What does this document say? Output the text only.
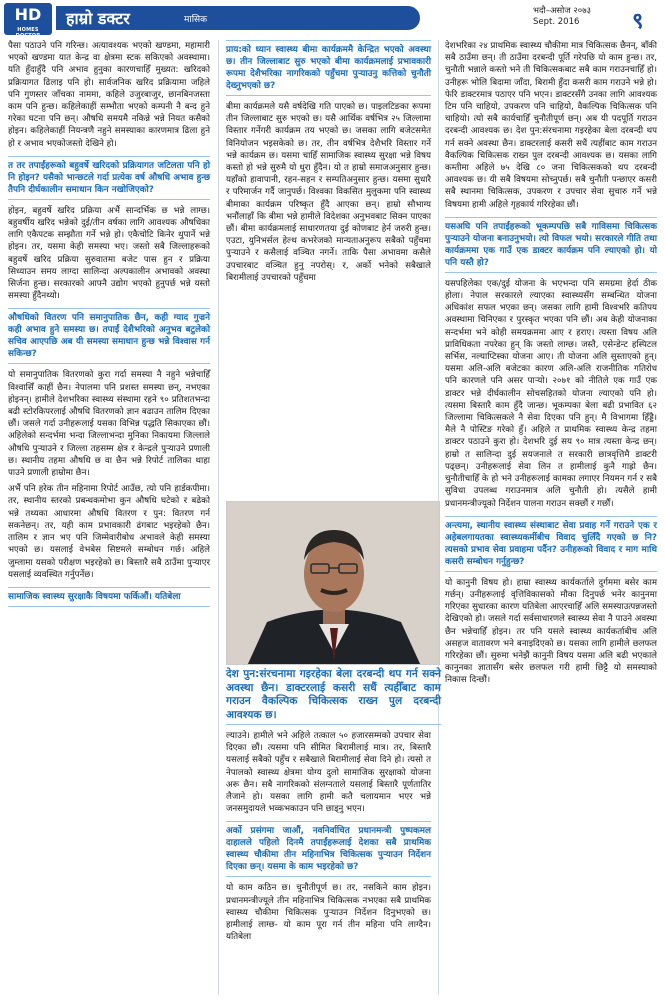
HD
HOMES DOCTOR
हाम्रो डक्टर	मासिक
भदौ–असोज २०७३
Sept. 2016	९

पैसा पठाउने पनि गरिन्छ। अत्यावश्यक भएको खण्डमा, महामारी भएको खण्डमा यात केन्द्र वा क्षेत्रमा स्टक सकिएको अवस्थामा। यति हुँदाहुँदै पनि अभाव हुनुका कारणचाहिँ मुख्यत: खरिदको प्रक्रियागत ढिलाइ पनि हो। सार्वजनिक खरिद प्रक्रियामा जहिले पनि गुणस्तर जाँचका नाममा, कहिले उजुरबाजुर, छानबिनजस्ता काम पनि हुन्छ। कहिलेकाहीं सम्भौता भएको कम्पनी नै बन्द हुने गरेका घटना पनि छन्। औषधि समयमै नकिन्ने भन्ने नियत कसैको होइन। कहिलेकाहीं नियन्त्रणै नहुने समस्याका कारणमात्र ढिला हुने हो र अभाव भएकोजस्तो देखिने हो।

त तर तपाईंहरूको बहुवर्षे खरिदको प्रक्रियागत जटिलता पनि हो नि होइन? यसैको भान्छटले गर्दा प्रत्येक वर्ष औषधि अभाव हुन्छ तैपनि दीर्घकालीन समाधान किन नखोजिएको?

होइन, बहुवर्षे खरिद प्रक्रिया अर्भै सान्दर्भिक छ भन्ने लाग्छ। बहुवर्षीय खरिद भन्नेको दुई/तीन वर्षका लागि आवश्यक औषधिका लागि एकैपटक सम्झौता गर्ने भन्ने हो। एकैचोटि किनेर थुपार्ने भन्ने होइन। तर, यसमा केही समस्या भए। जस्तो सबै जिल्लाहरूको बहुवर्षे खरिद प्रक्रिया सुरुवातमा बजेट पास हुन र प्रक्रिया सिध्याउन समय लाग्दा सालिन्दा अल्पकालीन अभावको अवस्था सिर्जना हुन्छ। सरकारको आफ्नै उद्योग भएको हुनुपर्छ भन्ने यस्तो समस्या हुँदैनथ्यो।

औषधिको वितरण पनि समानुपातिक छैन, कही ग्याद गुज्रने कही अभाव हुने समस्या छ। तपाईं देशैभरिको अनुभव बटुलेको सचिव आएपछि अब यी समस्या समाधान हुन्छ भन्ने विश्वास गर्न सकिन्छ?

यो समानुपातिक वितरणको कुरा गर्दा समस्या नै नहुने भन्नेचाहिँ विश्वासिँ काहीं छैन। नेपालमा पनि प्रशस्त समस्या छन्, नभएका होइनन्। हामीले देशभरिका स्वास्थ्य संस्थामा रहने ९० प्रतिशतभन्दा बढी स्टोरकिपरलाई औषधि वितरणको ज्ञान बढाउन तालिम दिएका छौं। जसले गर्दा उनीहरूलाई यसका विभिन्न पद्धति सिकाएका छौं। अहिलेको सन्दर्भमा भन्दा जिल्लाभन्दा मुनिका निकायमा जिल्लाले औषधि पुऱ्याउने र जिल्ला तहसम्म क्षेत्र र केन्द्रले पुऱ्याउने प्रणाली छ। स्थानीय तहमा औषधि छ वा छैन भन्ने रिपोर्ट तालिका थाहा पाउने प्रणाली हाम्रोमा छैन।

अर्भै पनि हरेक तीन महिनामा रिपोर्ट आउँछ, त्यो पनि हार्डकपीमा। तर, स्थानीय स्तरको प्रबन्धकमोभा कुन औषधि घटेको र बढेको भन्ने तथ्यका आधारमा औषधि वितरण र पुन: वितरण गर्न सकनेछन्। तर, यही काम प्रभावकारी ढंगबाट भइरहेको छैन। तालिम र ज्ञान भए पनि जिम्मेवारीबोध अभावले केही समस्या भएको छ। यसलाई वेभबेस सिष्टमले सम्बोधन गर्छ। अहिले जुम्लामा यसको परीक्षण भइरहेको छ। बिस्तारै सबै ठाउँमा पुऱ्याएर यसलाई व्यवस्थित गर्नुपर्नेछ।

सामाजिक स्वास्थ्य सुरक्षाकै विषयमा फर्किऔं। यतिबेला
प्राय:को ध्यान स्वास्थ्य बीमा कार्यक्रममै केन्द्रित भएको अवस्था छ। तीन जिल्लाबाट सुरु भएको बीमा कार्यक्रमलाई प्रभावकारी रूपमा देशैभरिका नागरिकको पहुँचमा पुऱ्याउनु कत्तिको चुनौती देख्नुभएको छ?

बीमा कार्यक्रमले यसै वर्षदेखि गति पाएको छ। पाइलटिङका रूपमा तीन जिल्लाबाट सुरु भएको छ। यसै आर्थिक वर्षभित्र २५ जिल्लामा विस्तार गर्नेगरी कार्यक्रम तय भएको छ। जसका लागि बजेटसमेत विनियोजन भइसकेको छ। तर, तीन वर्षभित्र देशैभरि विस्तार गर्ने भन्ने कार्यक्रम छ। यसमा चाहिँ सामाजिक स्वास्थ्य सुरक्षा भन्ने विषय कस्तो हो भन्ने सुरुमै यो धुरा हुँदैन। यो त हाम्रो समाजअनुसार हुन्छ। यहाँको हावापानी, रहन-सहन र सम्पतिअनुसार हुन्छ। यसमा सुधारै र परिमार्जन गर्दै जानुपर्छ। विश्वका विकसित मुलुकमा पनि स्वास्थ्य बीमाका कार्यक्रम परिष्कृत हुँदै आएका छन्। हाम्रो सौभाग्य भनौंलाहाँ कि बीमा भन्ने हामीले विदेशका अनुभवबाट सिक्न पाएका छौं। बीमा कार्यक्रमलाई साधारणतया दुई कोणबाट हेर्न जरुरी हुन्छ। एउटा, युनिभर्सल हेल्थ कभरेजको मान्यताअनुरूप सबैको पहुँचमा पुऱ्याउने र कसैलाई वञ्चित नगर्ने। ताकि पैसा अभावमा कसैले उपचारबाट वञ्चित हुनु नपरोस्। र, अर्को भनेको सबैखाले बिरामीलाई उपचारको पहुँचमा

देश पुन:संरचनामा गइरहेका बेला दरबन्दी थप गर्न सक्ने अवस्था छैन। डाक्टरलाई कसरी सधैं त्यहीँबाट काम गराउन वैकल्पिक चिकित्सक राख्न पुल दरबन्दी आवश्यक छ।

ल्याउने। हामीले भने अहिले तत्काल ५० हजारसम्मको उपचार सेवा दिएका छौं। त्यसमा पनि सीमित बिरामीलाई मात्र। तर, बिस्तारै यसलाई सबैको पहुँच र सबैखाले बिरामीलाई सेवा दिने हो। त्यसो त नेपालको स्वास्थ्य क्षेत्रमा योग्य दुलो सामाजिक सुरक्षाको योजना अरू छैन। सबै नागरिकको संलग्नताले यसलाई बिस्तारै पूर्णतातिर लैजाने हो। यसका लागि हामी कतै चलायमान भएर भन्ने जनसमुदायले भव्कभकाउन पनि छाड्नु भएन।

अर्को प्रसंगमा जाऔं, नवनिर्वाचित प्रधानमन्त्री पुष्पकमल दाहालले पहिलो दिनमै तपाईंहरूलाई देशका सबै प्राथमिक स्वास्थ्य चौकीमा तीन महिनाभित्र चिकित्सक पुऱ्याउन निर्देशन दिएका छन्। यसमा के काम भइरहेको छ?

यो काम कठिन छ। चुनौतीपूर्ण छ। तर, नसकिने काम होइन। प्रधानमन्त्रीज्यूले तीन महिनाभित्र चिकित्सक नभएका सबै प्राथमिक स्वास्थ्य चौकीमा चिकित्सक पुऱ्याउन निर्देशन दिनुभएको छ। हामीलाई लाग्छ- यो काम पूरा गर्न तीन महिना पनि लाग्दैन। यतिबेला

देशभरिका २४ प्राथमिक स्वास्थ्य चौकीमा मात्र चिकित्सक छैनन्, बाँकी सबै ठाउँमा छन्। ती ठाउँमा दरबन्दी पूर्ति गरेपछि यो काम हुन्छ। तर, चुनौती भन्नाले कस्तो भने ती चिकित्सकबाट सबै काम गराउनचाहिँ हो। उनीहरू भोलि बिदामा जाँदा, बिरामी हुँदा कसरी काम गराउने भन्ने हो। फेरि डाक्टरमात्र पठाएर पनि भएन। डाक्टरसँगै उनका लागि आवश्यक टिम पनि चाहियो, उपकरण पनि चाहियो, वैकल्पिक चिकित्सक पनि चाहियो। त्यो सबै कार्यचाहिँ चुनौतीपूर्ण छन्। अब यी पदपूर्ति गराउन दरबन्दी आवश्यक छ। देश पुन:संरचनामा गइरहेका बेला दरबन्दी थप गर्न सक्ने अवस्था छैन। डाक्टरलाई कसरी सधैं त्यहींबाट काम गराउन वैकल्पिक चिकित्सक राख्न पुल दरबन्दी आवश्यक छ। यसका लागि कम्तीमा अहिले ७५ देखि ८० जना चिकित्सकको थप दरबन्दी आवश्यक छ। यी सबै विषयमा सोच्नुपर्छ। सबै चुनौती पन्छाएर कसरी सबै स्थानमा चिकित्सक, उपकरण र उपचार सेवा सुचारु गर्ने भन्ने विषयमा हामी अहिले गृहकार्य गरिरहेका छौं।

यसअघि पनि तपाईंहरूको भूकम्पपछि सबै गाविसमा चिकित्सक पुऱ्याउने योजना बनाउनुभयो। त्यो विफल भयो। सरकारले गीति तथा कार्यक्रममा एक गाउँ एक डाक्टर कार्यक्रम पनि ल्याएको हो। यो पनि यस्तै हो?

यसपहिलेका एक/दुई योजना के भएभन्दा पनि समग्रमा हेर्दा ठीक होला। नेपाल सरकारले ल्याएका स्वास्थ्यसँग सम्बन्धित योजना अधिकांश सफल भएका छन्। जसका लागि हामी विश्वभरि कतिपय अवस्थामा चिनिएका र पुरस्कृत भएका पनि छौं। अब केही योजनाका सन्दर्भमा भने कोही समयक्रममा आए र हराए। त्यस्ता विषय अलि प्राविधिकता नपरेका हुन् कि जस्तो लाग्छ। जस्तै, एसेन्डेन्ट हस्पिटल सर्भिस, नल्याप्टिस्का योजना आए। ती योजना अलि सुस्ताएको हुन्। यसमा अलि-अलि बजेटका कारण अलि-अलि राजनीतिक गतिरोध पनि कारणले पनि असर पार्‍यो। २०७१ को नीतिले एक गाउँ एक डाक्टर भन्ने दीर्घकालीन सोचसहितको योजना ल्याएको पनि हो। त्यसमा बिस्तारै काम हुँदै जान्छ। भूकम्पका बेला बढी प्रभावित ६२ जिल्लामा चिकित्सकले नै सेवा दिएका पनि हुन्। मै विभागमा हिँड्डै। मैले नै पोस्टिङ गरेको हुँ। अहिले त प्राथमिक स्वास्थ्य केन्द्र तहमा डाक्टर पठाउने कुरा हो। देशभरि दुई सय ९० मात्र त्यस्ता केन्द्र छन्। हाम्रो त सालिन्दा दुई सयजनाले त सरकारी छात्रवृत्तिमै डाक्टरी पढ्छन्। उनीहरूलाई सेवा लिन त हामीलाई कुनै गाह्रो छैन। चुनौतीचाहिँ के हो भने उनीहरूलाई कामका लगाएर नियमन गर्न र सबै सुविधा उपलब्ध गराउनमात्र अलि चुनौती हो। त्यसैले हामी प्रधानमन्त्रीज्यूको निर्देशन पालना गराउन सक्छौं र गर्छौं।

अन्त्यमा, स्थानीय स्वास्थ्य संस्थाबाट सेवा प्रवाह गर्ने गराउने एक र अहेबलगायतका स्वास्थ्यकर्मीबीच विवाद चुलिँदै गएको छ नि? त्यसको प्रभाव सेवा प्रवाहमा पर्दैन? उनीहरूको विवाद र माग माथि कसरी सम्बोधन गर्नुहुन्छ?

यो कानुनी विषय हो। हाम्रा स्वास्थ्य कार्यकर्ताले दुर्गममा बसेर काम गर्छन्। उनीहरूलाई वृत्तिविकासको मौका दिनुपर्छ भनेर कानुनमा गरिएका सुधारका कारण यतिबेला आएरचाहिँ अलि समस्याउत्पन्नजस्तो देखिएको हो। जसले गर्दा सर्वसाधारणले स्वास्थ्य सेवा नै पाउने अवस्था छैन भन्नेचाहिँ होइन। तर पनि यसले स्वास्थ्य कार्यकर्ताबीच अलि असहज वातावरण भने बनाइदिएको छ। यसका लागि हामीले छलफल गरिरहेका छौं। सुरुमा भनेझैं कानुनी विषय यसमा अलि बढी भएकाले कानुनका ज्ञातासँग बसेर छलफल गरी हामी छिट्टै यो समस्याको निकास दिन्छौं।
